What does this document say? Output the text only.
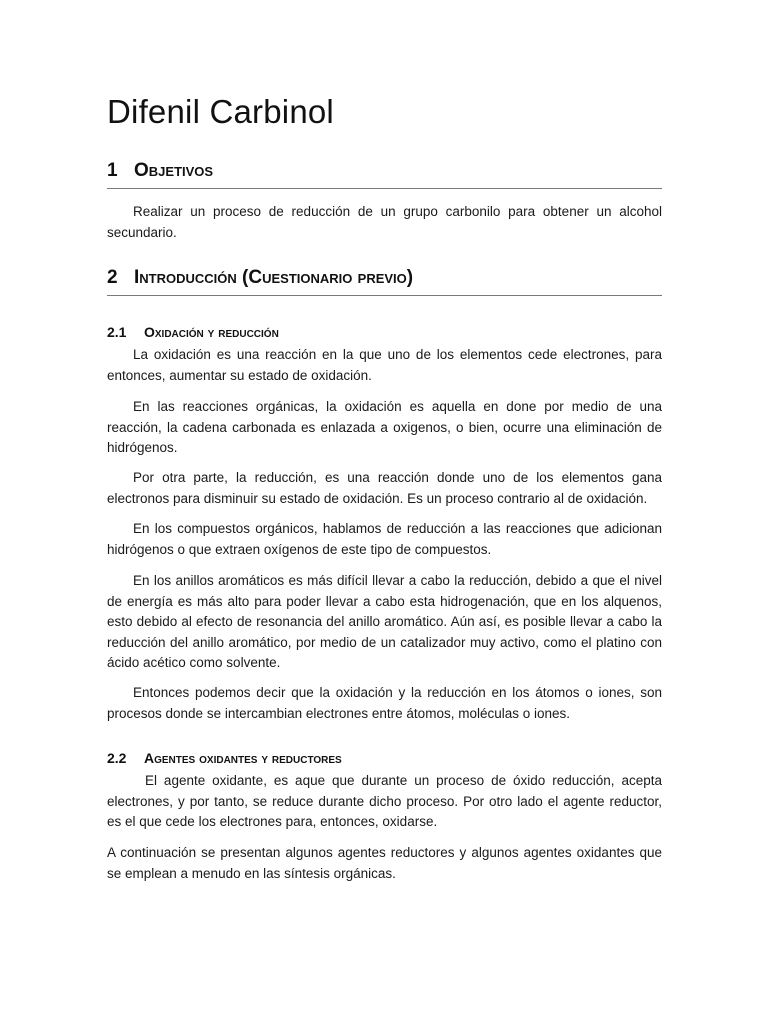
Difenil Carbinol
1 Objetivos

Realizar un proceso de reducción de un grupo carbonilo para obtener un alcohol secundario.

2 Introducción (Cuestionario previo)
2.1 Oxidación y reducción

La oxidación es una reacción en la que uno de los elementos cede electrones, para entonces, aumentar su estado de oxidación.

En las reacciones orgánicas, la oxidación es aquella en done por medio de una reacción, la cadena carbonada es enlazada a oxigenos, o bien, ocurre una eliminación de hidrógenos.

Por otra parte, la reducción, es una reacción donde uno de los elementos gana electronos para disminuir su estado de oxidación. Es un proceso contrario al de oxidación.

En los compuestos orgánicos, hablamos de reducción a las reacciones que adicionan hidrógenos o que extraen oxígenos de este tipo de compuestos.

En los anillos aromáticos es más difícil llevar a cabo la reducción, debido a que el nivel de energía es más alto para poder llevar a cabo esta hidrogenación, que en los alquenos, esto debido al efecto de resonancia del anillo aromático. Aún así, es posible llevar a cabo la reducción del anillo aromático, por medio de un catalizador muy activo, como el platino con ácido acético como solvente.

Entonces podemos decir que la oxidación y la reducción en los átomos o iones, son procesos donde se intercambian electrones entre átomos, moléculas o iones.

2.2 Agentes oxidantes y reductores

El agente oxidante, es aque que durante un proceso de óxido reducción, acepta electrones, y por tanto, se reduce durante dicho proceso. Por otro lado el agente reductor, es el que cede los electrones para, entonces, oxidarse.

A continuación se presentan algunos agentes reductores y algunos agentes oxidantes que se emplean a menudo en las síntesis orgánicas.
